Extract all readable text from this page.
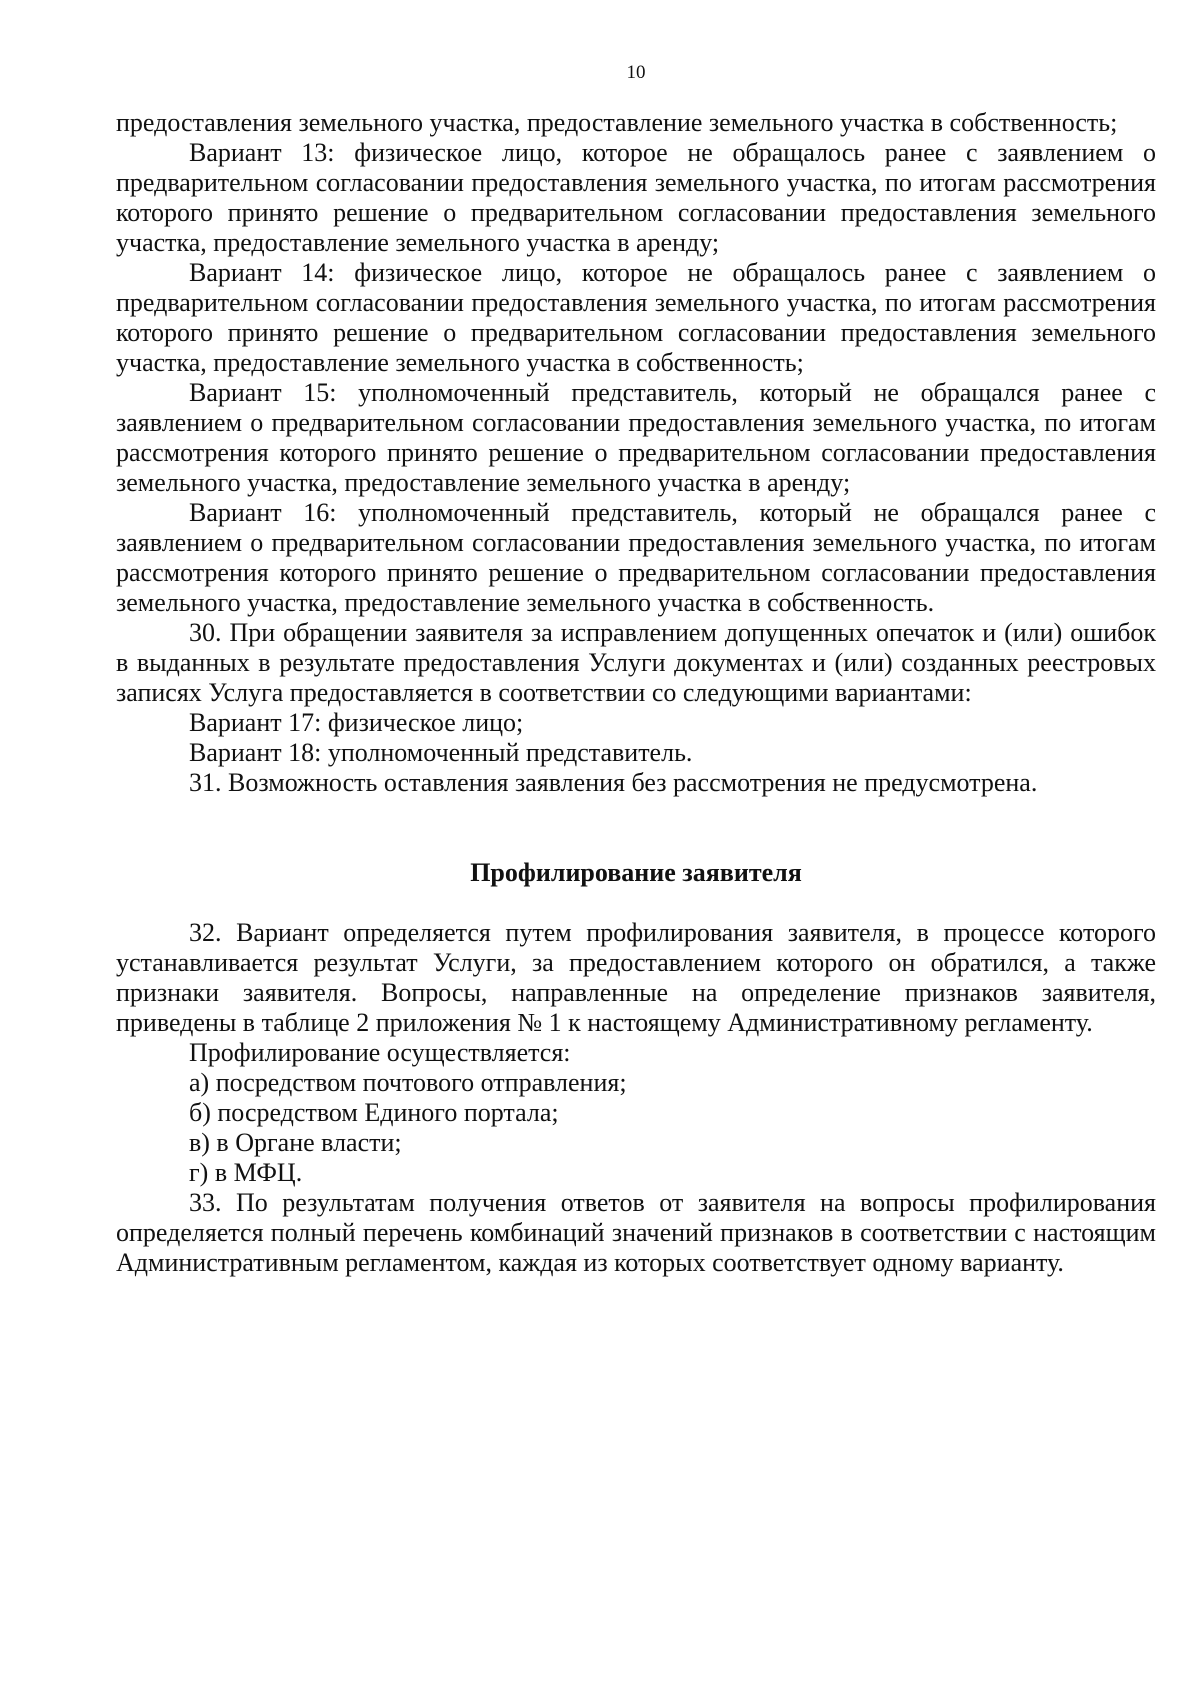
10

предоставления земельного участка, предоставление земельного участка в собственность;

Вариант 13: физическое лицо, которое не обращалось ранее с заявлением о предварительном согласовании предоставления земельного участка, по итогам рассмотрения которого принято решение о предварительном согласовании предоставления земельного участка, предоставление земельного участка в аренду;

Вариант 14: физическое лицо, которое не обращалось ранее с заявлением о предварительном согласовании предоставления земельного участка, по итогам рассмотрения которого принято решение о предварительном согласовании предоставления земельного участка, предоставление земельного участка в собственность;

Вариант 15: уполномоченный представитель, который не обращался ранее с заявлением о предварительном согласовании предоставления земельного участка, по итогам рассмотрения которого принято решение о предварительном согласовании предоставления земельного участка, предоставление земельного участка в аренду;

Вариант 16: уполномоченный представитель, который не обращался ранее с заявлением о предварительном согласовании предоставления земельного участка, по итогам рассмотрения которого принято решение о предварительном согласовании предоставления земельного участка, предоставление земельного участка в собственность.

30. При обращении заявителя за исправлением допущенных опечаток и (или) ошибок в выданных в результате предоставления Услуги документах и (или) созданных реестровых записях Услуга предоставляется в соответствии со следующими вариантами:

Вариант 17: физическое лицо;

Вариант 18: уполномоченный представитель.

31. Возможность оставления заявления без рассмотрения не предусмотрена.

Профилирование заявителя

32. Вариант определяется путем профилирования заявителя, в процессе которого устанавливается результат Услуги, за предоставлением которого он обратился, а также признаки заявителя. Вопросы, направленные на определение признаков заявителя, приведены в таблице 2 приложения № 1 к настоящему Административному регламенту.

Профилирование осуществляется:

а) посредством почтового отправления;

б) посредством Единого портала;

в) в Органе власти;

г) в МФЦ.

33. По результатам получения ответов от заявителя на вопросы профилирования определяется полный перечень комбинаций значений признаков в соответствии с настоящим Административным регламентом, каждая из которых соответствует одному варианту.
